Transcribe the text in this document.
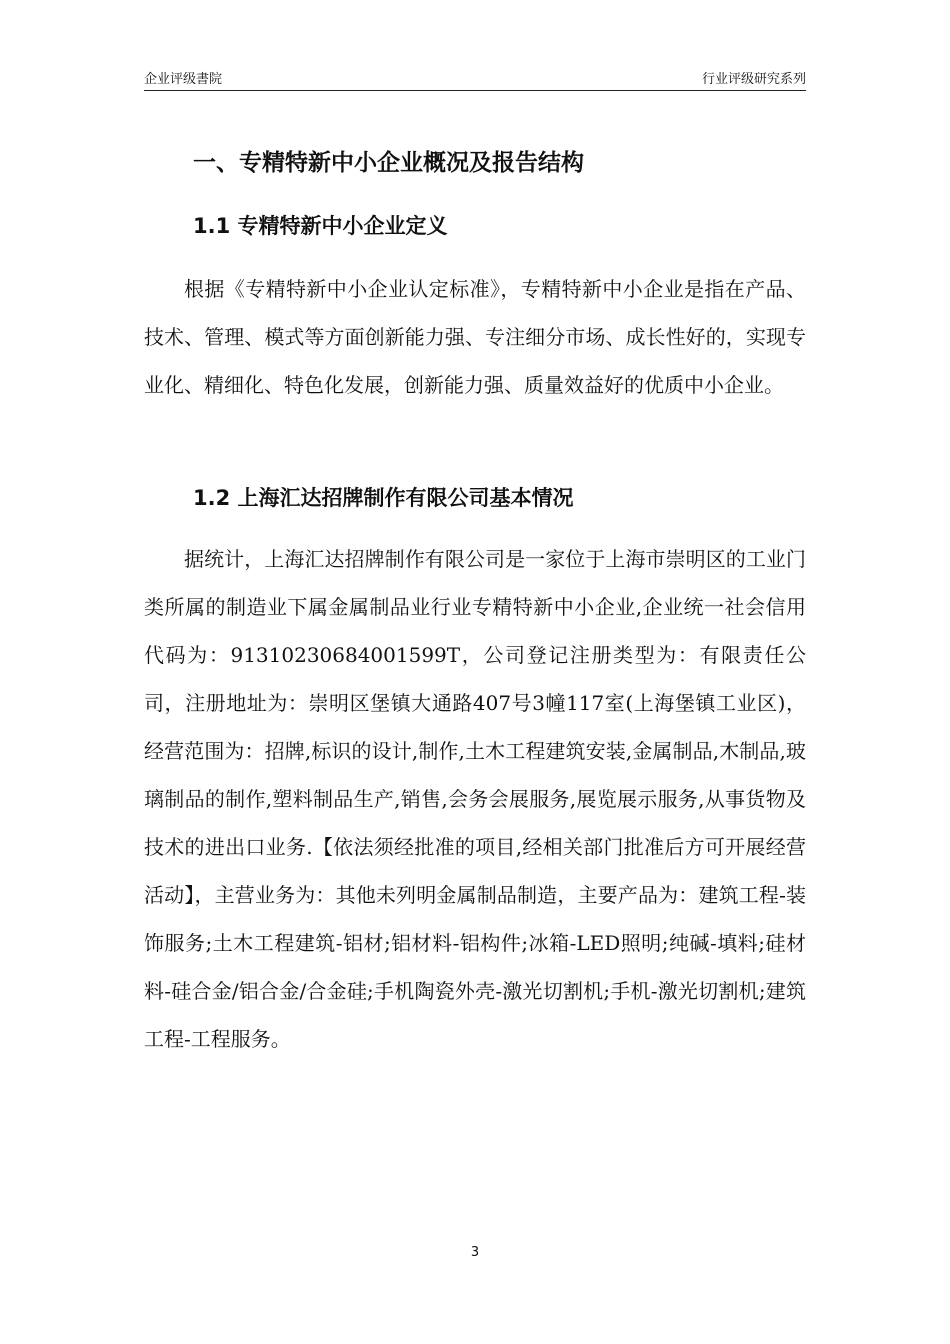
企业评级書院	行业评级研究系列
一、专精特新中小企业概况及报告结构
1.1 专精特新中小企业定义

根据《专精特新中小企业认定标准》，专精特新中小企业是指在产品、技术、管理、模式等方面创新能力强、专注细分市场、成长性好的，实现专业化、精细化、特色化发展，创新能力强、质量效益好的优质中小企业。

1.2 上海汇达招牌制作有限公司基本情况

据统计，上海汇达招牌制作有限公司是一家位于上海市崇明区的工业门类所属的制造业下属金属制品业行业专精特新中小企业,企业统一社会信用代码为：91310230684001599T，公司登记注册类型为：有限责任公司，注册地址为：崇明区堡镇大通路407号3幢117室(上海堡镇工业区)，经营范围为：招牌,标识的设计,制作,土木工程建筑安装,金属制品,木制品,玻璃制品的制作,塑料制品生产,销售,会务会展服务,展览展示服务,从事货物及技术的进出口业务.【依法须经批准的项目,经相关部门批准后方可开展经营活动】，主营业务为：其他未列明金属制品制造，主要产品为：建筑工程-装饰服务;土木工程建筑-铝材;铝材料-铝构件;冰箱-LED照明;纯碱-填料;硅材料-硅合金/铝合金/合金硅;手机陶瓷外壳-激光切割机;手机-激光切割机;建筑工程-工程服务。

3
